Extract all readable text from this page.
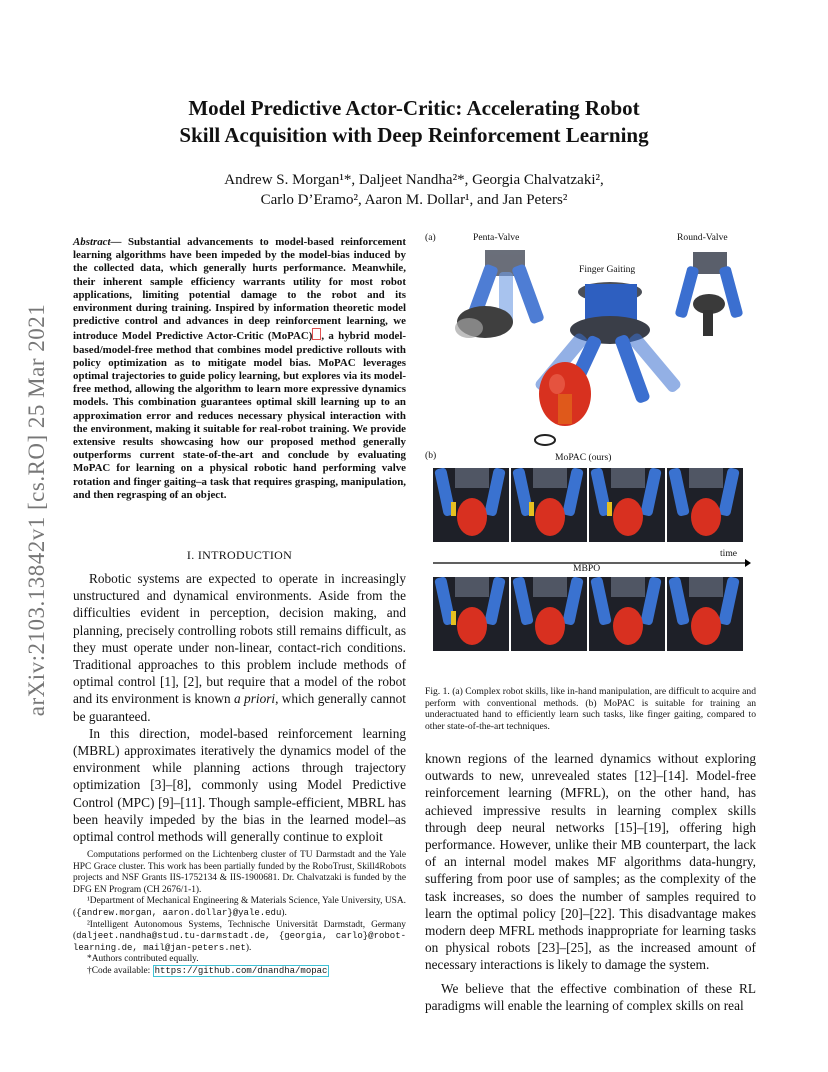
arXiv:2103.13842v1 [cs.RO] 25 Mar 2021
Model Predictive Actor-Critic: Accelerating Robot
Skill Acquisition with Deep Reinforcement Learning
Andrew S. Morgan¹*, Daljeet Nandha²*, Georgia Chalvatzaki²,
Carlo D’Eramo², Aaron M. Dollar¹, and Jan Peters²
Abstract— Substantial advancements to model-based reinforcement learning algorithms have been impeded by the model-bias induced by the collected data, which generally hurts performance. Meanwhile, their inherent sample efficiency warrants utility for most robot applications, limiting potential damage to the robot and its environment during training. Inspired by information theoretic model predictive control and advances in deep reinforcement learning, we introduce Model Predictive Actor-Critic (MoPAC) , a hybrid model-based/model-free method that combines model predictive rollouts with policy optimization as to mitigate model bias. MoPAC leverages optimal trajectories to guide policy learning, but explores via its model-free method, allowing the algorithm to learn more expressive dynamics models. This combination guarantees optimal skill learning up to an approximation error and reduces necessary physical interaction with the environment, making it suitable for real-robot training. We provide extensive results showcasing how our proposed method generally outperforms current state-of-the-art and conclude by evaluating MoPAC for learning on a physical robotic hand performing valve rotation and finger gaiting–a task that requires grasping, manipulation, and then regrasping of an object.
I. INTRODUCTION

Robotic systems are expected to operate in increasingly unstructured and dynamical environments. Aside from the difficulties evident in perception, decision making, and planning, precisely controlling robots still remains difficult, as they must operate under non-linear, contact-rich conditions. Traditional approaches to this problem include methods of optimal control [1], [2], but require that a model of the robot and its environment is known a priori, which generally cannot be guaranteed.

In this direction, model-based reinforcement learning (MBRL) approximates iteratively the dynamics model of the environment while planning actions through trajectory optimization [3]–[8], commonly using Model Predictive Control (MPC) [9]–[11]. Though sample-efficient, MBRL has been heavily impeded by the bias in the learned model–as optimal control methods will generally continue to exploit

Computations performed on the Lichtenberg cluster of TU Darmstadt and the Yale HPC Grace cluster. This work has been partially funded by the RoboTrust, Skill4Robots projects and NSF Grants IIS-1752134 & IIS-1900681. Dr. Chalvatzaki is funded by the DFG EN Program (CH 2676/1-1).

¹Department of Mechanical Engineering & Materials Science, Yale University, USA. ({andrew.morgan, aaron.dollar}@yale.edu).

²Intelligent Autonomous Systems, Technische Universität Darmstadt, Germany (daljeet.nandha@stud.tu-darmstadt.de, {georgia, carlo}@robot-learning.de, mail@jan-peters.net).

*Authors contributed equally.

†Code available: https://github.com/dnandha/mopac

(a)	Penta-Valve	Round-Valve
Finger Gaiting
(b)	MoPAC (ours)
time
MBPO
Fig. 1. (a) Complex robot skills, like in-hand manipulation, are difficult to acquire and perform with conventional methods. (b) MoPAC is suitable for training an underactuated hand to efficiently learn such tasks, like finger gaiting, compared to other state-of-the-art techniques.

known regions of the learned dynamics without exploring outwards to new, unrevealed states [12]–[14]. Model-free reinforcement learning (MFRL), on the other hand, has achieved impressive results in learning complex skills through deep neural networks [15]–[19], offering high performance. However, unlike their MB counterpart, the lack of an internal model makes MF algorithms data-hungry, suffering from poor use of samples; as the complexity of the task increases, so does the number of samples required to learn the optimal policy [20]–[22]. This disadvantage makes modern deep MFRL methods inappropriate for learning tasks on physical robots [23]–[25], as the increased amount of necessary interactions is likely to damage the system.

We believe that the effective combination of these RL paradigms will enable the learning of complex skills on real
